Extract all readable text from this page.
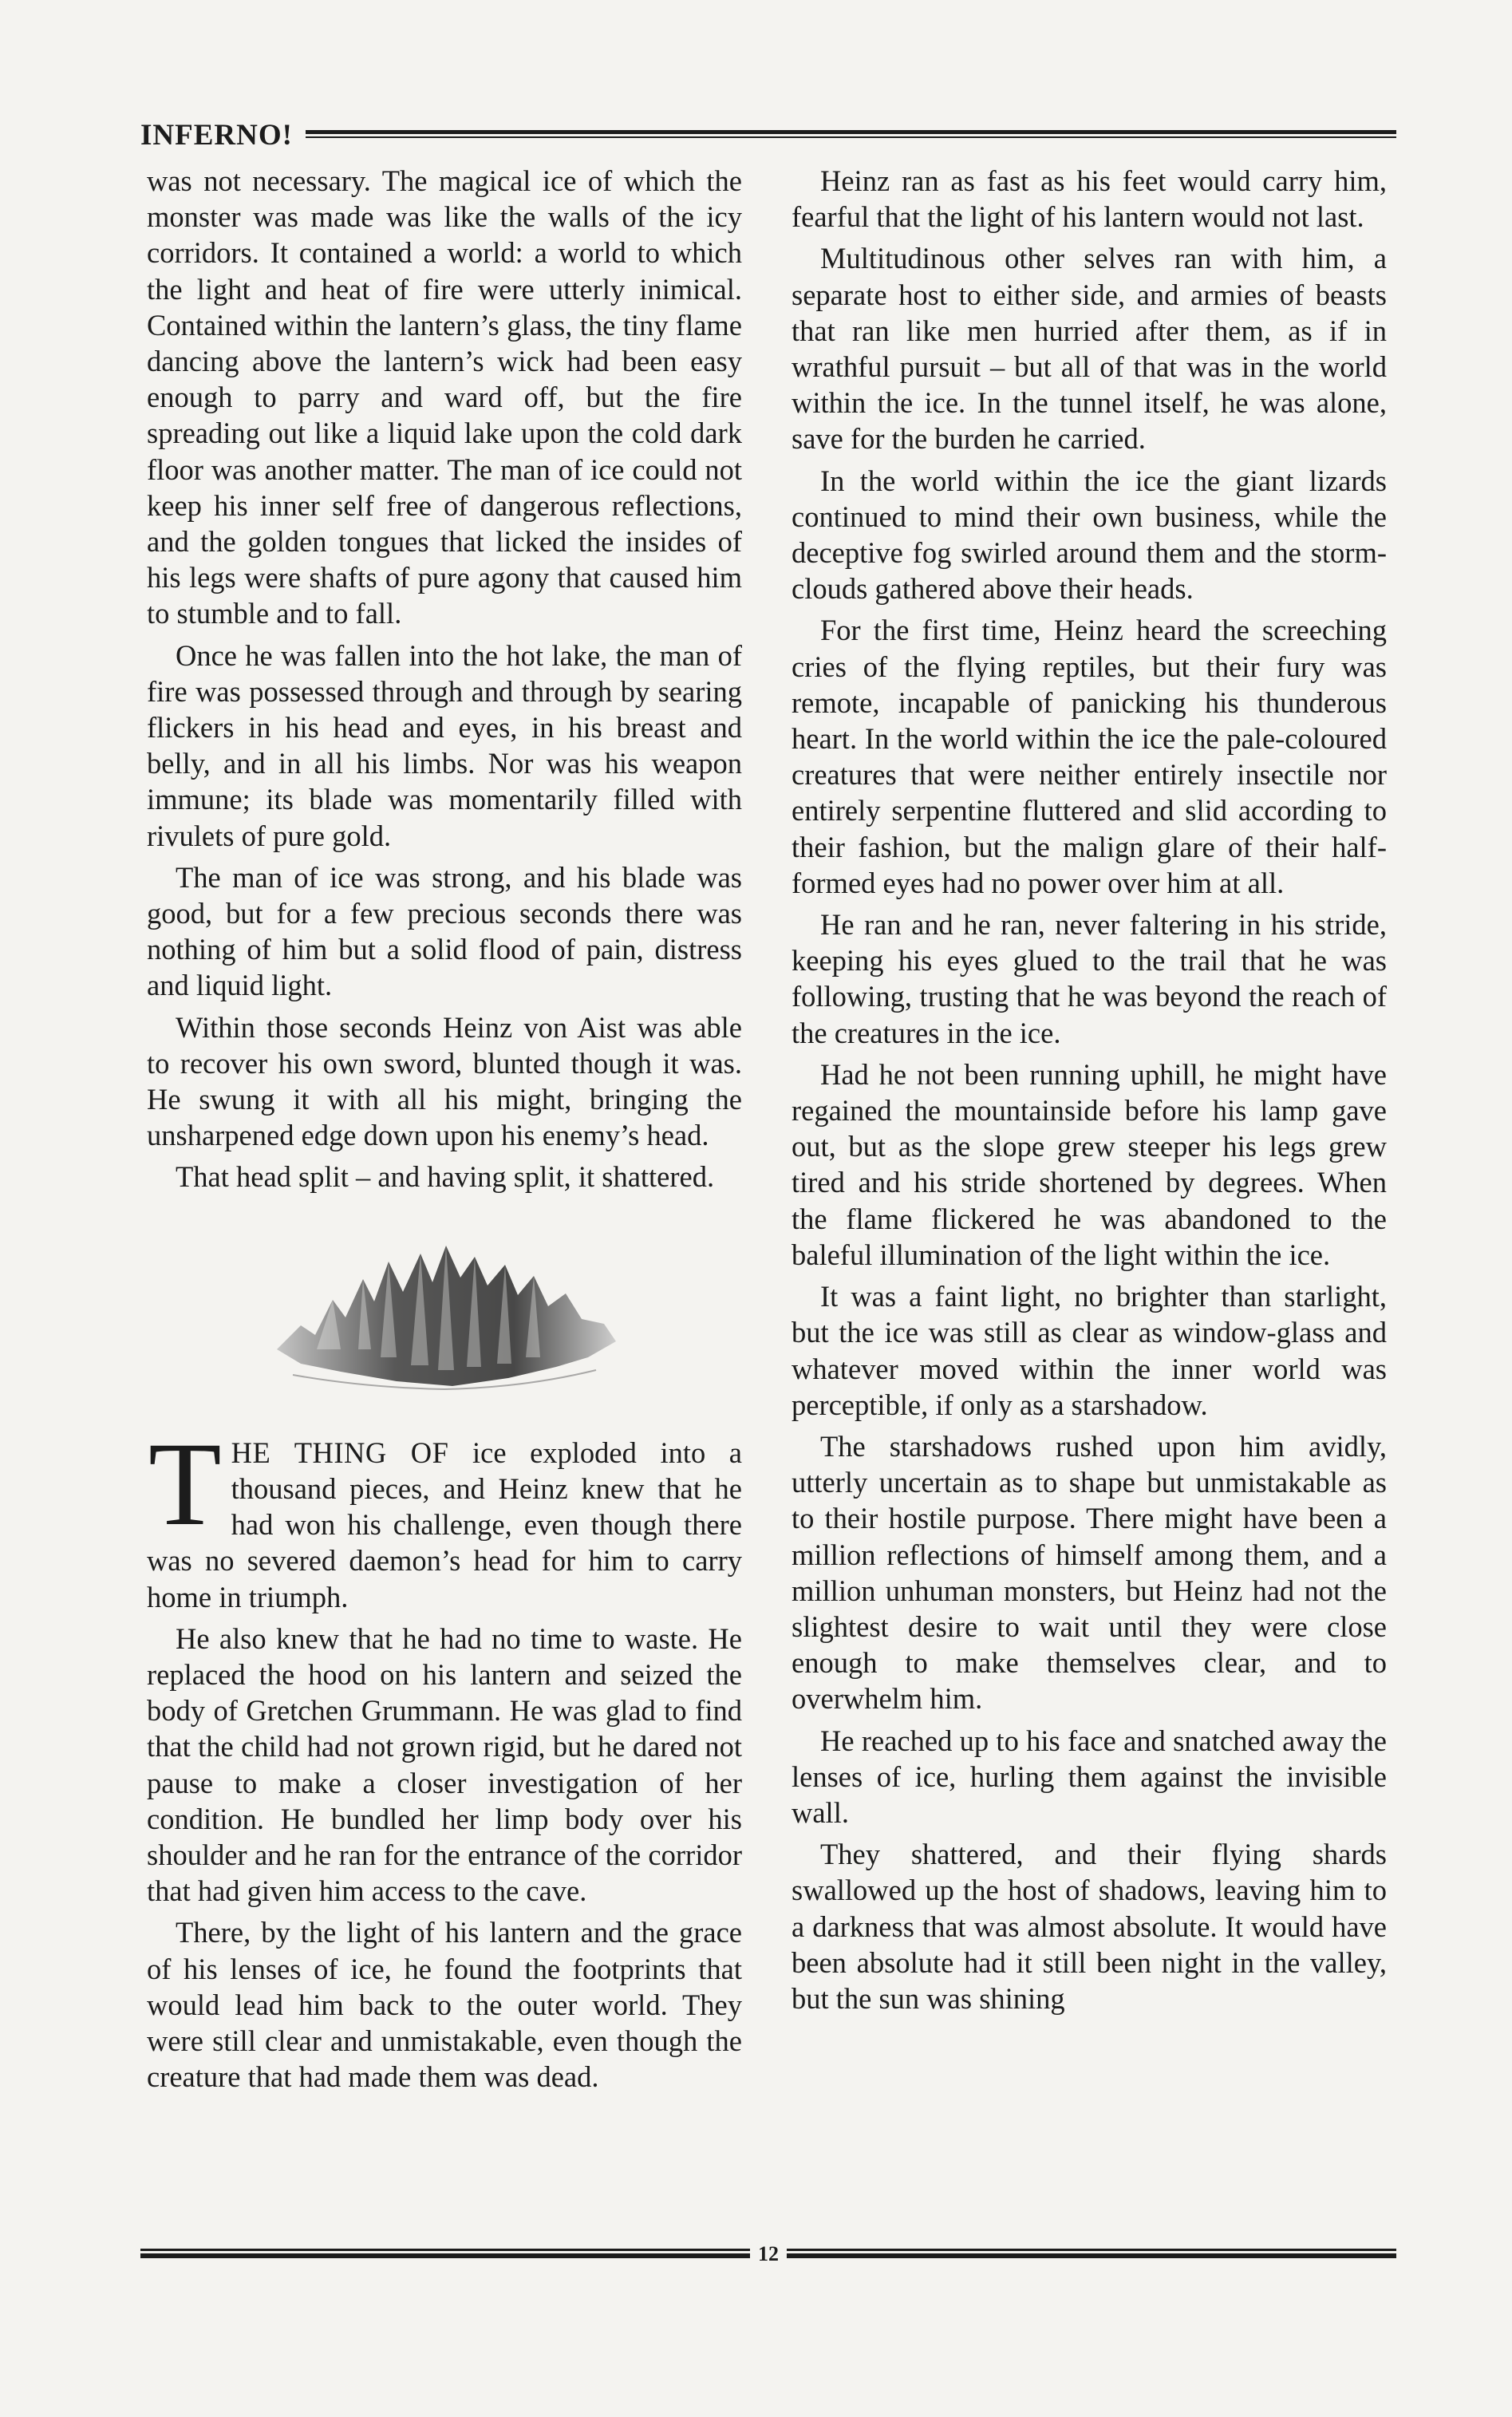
INFERNO!

was not necessary. The magical ice of which the monster was made was like the walls of the icy corridors. It contained a world: a world to which the light and heat of fire were utterly inimical. Contained within the lantern’s glass, the tiny flame dancing above the lantern’s wick had been easy enough to parry and ward off, but the fire spreading out like a liquid lake upon the cold dark floor was another matter. The man of ice could not keep his inner self free of dangerous reflections, and the golden tongues that licked the insides of his legs were shafts of pure agony that caused him to stumble and to fall.

Once he was fallen into the hot lake, the man of fire was possessed through and through by searing flickers in his head and eyes, in his breast and belly, and in all his limbs. Nor was his weapon immune; its blade was momentarily filled with rivulets of pure gold.

The man of ice was strong, and his blade was good, but for a few precious seconds there was nothing of him but a solid flood of pain, distress and liquid light.

Within those seconds Heinz von Aist was able to recover his own sword, blunted though it was. He swung it with all his might, bringing the unsharpened edge down upon his enemy’s head.

That head split – and having split, it shattered.

THE THING OF ice exploded into a thousand pieces, and Heinz knew that he had won his challenge, even though there was no severed daemon’s head for him to carry home in triumph.

He also knew that he had no time to waste. He replaced the hood on his lantern and seized the body of Gretchen Grummann. He was glad to find that the child had not grown rigid, but he dared not pause to make a closer investigation of her condition. He bundled her limp body over his shoulder and he ran for the entrance of the corridor that had given him access to the cave.

There, by the light of his lantern and the grace of his lenses of ice, he found the footprints that would lead him back to the outer world. They were still clear and unmistakable, even though the creature that had made them was dead.

Heinz ran as fast as his feet would carry him, fearful that the light of his lantern would not last.

Multitudinous other selves ran with him, a separate host to either side, and armies of beasts that ran like men hurried after them, as if in wrathful pursuit – but all of that was in the world within the ice. In the tunnel itself, he was alone, save for the burden he carried.

In the world within the ice the giant lizards continued to mind their own business, while the deceptive fog swirled around them and the storm-clouds gathered above their heads.

For the first time, Heinz heard the screeching cries of the flying reptiles, but their fury was remote, incapable of panicking his thunderous heart. In the world within the ice the pale-coloured creatures that were neither entirely insectile nor entirely serpentine fluttered and slid according to their fashion, but the malign glare of their half-formed eyes had no power over him at all.

He ran and he ran, never faltering in his stride, keeping his eyes glued to the trail that he was following, trusting that he was beyond the reach of the creatures in the ice.

Had he not been running uphill, he might have regained the mountainside before his lamp gave out, but as the slope grew steeper his legs grew tired and his stride shortened by degrees. When the flame flickered he was abandoned to the baleful illumination of the light within the ice.

It was a faint light, no brighter than starlight, but the ice was still as clear as window-glass and whatever moved within the inner world was perceptible, if only as a starshadow.

The starshadows rushed upon him avidly, utterly uncertain as to shape but unmistakable as to their hostile purpose. There might have been a million reflections of himself among them, and a million unhuman monsters, but Heinz had not the slightest desire to wait until they were close enough to make themselves clear, and to overwhelm him.

He reached up to his face and snatched away the lenses of ice, hurling them against the invisible wall.

They shattered, and their flying shards swallowed up the host of shadows, leaving him to a darkness that was almost absolute. It would have been absolute had it still been night in the valley, but the sun was shining

12
